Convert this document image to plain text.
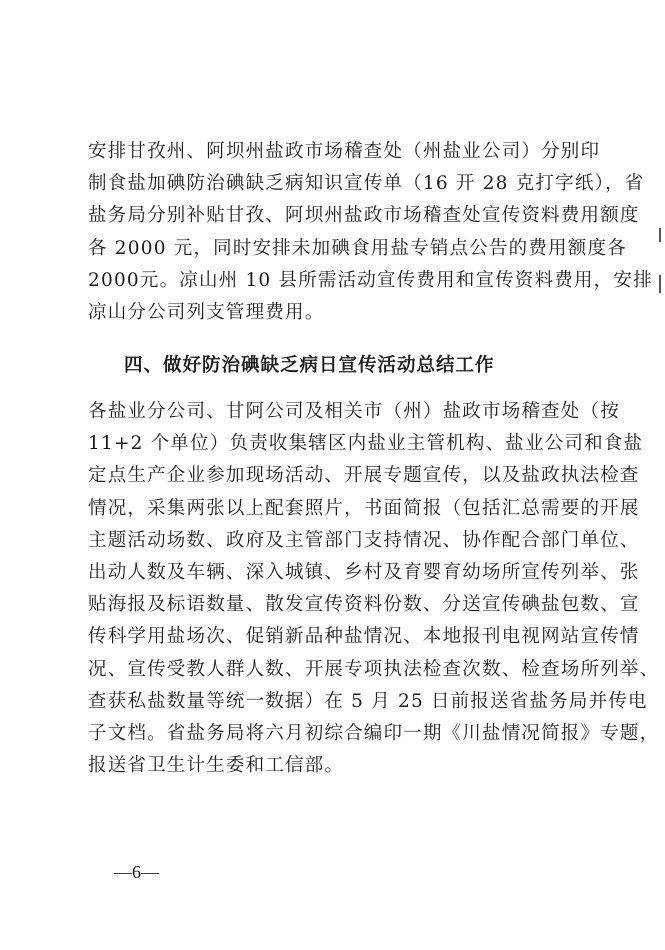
安排甘孜州、阿坝州盐政市场稽查处（州盐业公司）分别印
制食盐加碘防治碘缺乏病知识宣传单（16 开 28 克打字纸），省
盐务局分别补贴甘孜、阿坝州盐政市场稽查处宣传资料费用额度
各 2000 元，同时安排未加碘食用盐专销点公告的费用额度各
2000元。凉山州 10 县所需活动宣传费用和宣传资料费用，安排
凉山分公司列支管理费用。
四、做好防治碘缺乏病日宣传活动总结工作
各盐业分公司、甘阿公司及相关市（州）盐政市场稽查处（按
11+2 个单位）负责收集辖区内盐业主管机构、盐业公司和食盐
定点生产企业参加现场活动、开展专题宣传，以及盐政执法检查
情况，采集两张以上配套照片，书面简报（包括汇总需要的开展
主题活动场数、政府及主管部门支持情况、协作配合部门单位、
出动人数及车辆、深入城镇、乡村及育婴育幼场所宣传列举、张
贴海报及标语数量、散发宣传资料份数、分送宣传碘盐包数、宣
传科学用盐场次、促销新品种盐情况、本地报刊电视网站宣传情
况、宣传受教人群人数、开展专项执法检查次数、检查场所列举、
查获私盐数量等统一数据）在 5 月 25 日前报送省盐务局并传电
子文档。省盐务局将六月初综合编印一期《川盐情况简报》专题，
报送省卫生计生委和工信部。
—6—
